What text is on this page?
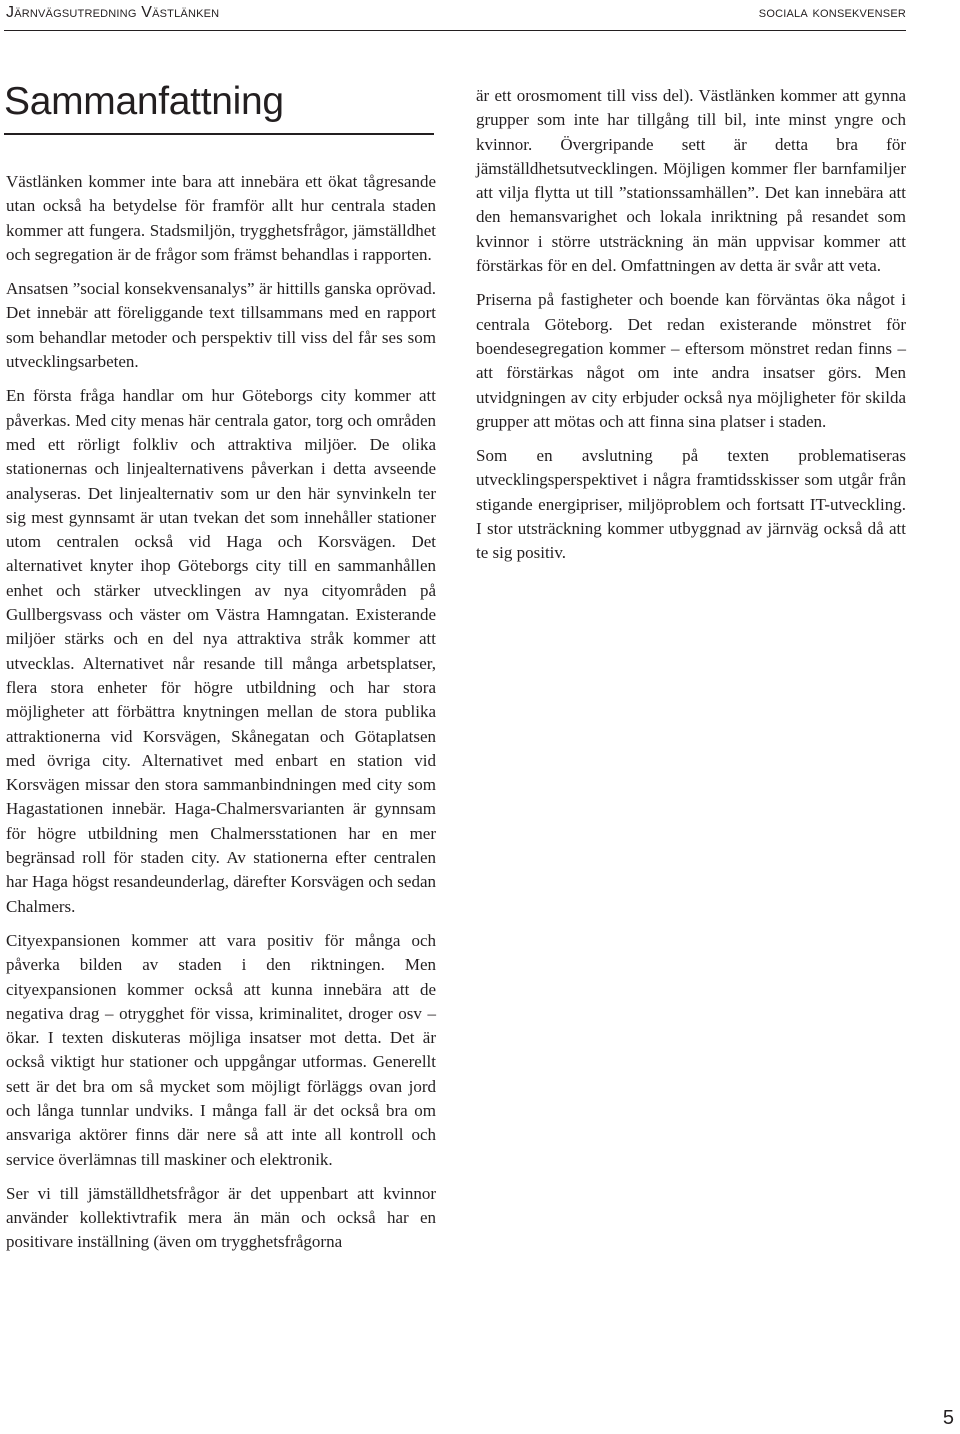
Järnvägsutredning Västlänken	sociala konsekvenser
Sammanfattning

Västlänken kommer inte bara att innebära ett ökat tågresande utan också ha betydelse för framför allt hur centrala staden kommer att fungera. Stadsmiljön, trygghetsfrågor, jämställdhet och segregation är de frågor som främst behandlas i rapporten.

Ansatsen ”social konsekvensanalys” är hittills ganska oprövad. Det innebär att föreliggande text tillsammans med en rapport som behandlar metoder och perspektiv till viss del får ses som utvecklingsarbeten.

En första fråga handlar om hur Göteborgs city kommer att påverkas. Med city menas här centrala gator, torg och områden med ett rörligt folkliv och attraktiva miljöer. De olika stationernas och linjealternativens påverkan i detta avseende analyseras. Det linjealternativ som ur den här synvinkeln ter sig mest gynnsamt är utan tvekan det som innehåller stationer utom centralen också vid Haga och Korsvägen. Det alternativet knyter ihop Göteborgs city till en sammanhållen enhet och stärker utvecklingen av nya cityområden på Gullbergsvass och väster om Västra Hamngatan. Existerande miljöer stärks och en del nya attraktiva stråk kommer att utvecklas. Alternativet når resande till många arbetsplatser, flera stora enheter för högre utbildning och har stora möjligheter att förbättra knytningen mellan de stora publika attraktionerna vid Korsvägen, Skånegatan och Götaplatsen med övriga city. Alternativet med enbart en station vid Korsvägen missar den stora sammanbindningen med city som Hagastationen innebär. Haga-Chalmersvarianten är gynnsam för högre utbildning men Chalmersstationen har en mer begränsad roll för staden city. Av stationerna efter centralen har Haga högst resandeunderlag, därefter Korsvägen och sedan Chalmers.

Cityexpansionen kommer att vara positiv för många och påverka bilden av staden i den riktningen. Men cityexpansionen kommer också att kunna innebära att de negativa drag – otrygghet för vissa, kriminalitet, droger osv – ökar. I texten diskuteras möjliga insatser mot detta. Det är också viktigt hur stationer och uppgångar utformas. Generellt sett är det bra om så mycket som möjligt förläggs ovan jord och långa tunnlar undviks. I många fall är det också bra om ansvariga aktörer finns där nere så att inte all kontroll och service överlämnas till maskiner och elektronik.

Ser vi till jämställdhetsfrågor är det uppenbart att kvinnor använder kollektivtrafik mera än män och också har en positivare inställning (även om trygghetsfrågorna

är ett orosmoment till viss del). Västlänken kommer att gynna grupper som inte har tillgång till bil, inte minst yngre och kvinnor. Övergripande sett är detta bra för jämställdhetsutvecklingen. Möjligen kommer fler barnfamiljer att vilja flytta ut till ”stationssamhällen”. Det kan innebära att den hemansvarighet och lokala inriktning på resandet som kvinnor i större utsträckning än män uppvisar kommer att förstärkas för en del. Omfattningen av detta är svår att veta.

Priserna på fastigheter och boende kan förväntas öka något i centrala Göteborg. Det redan existerande mönstret för boendesegregation kommer – eftersom mönstret redan finns – att förstärkas något om inte andra insatser görs. Men utvidgningen av city erbjuder också nya möjligheter för skilda grupper att mötas och att finna sina platser i staden.

Som en avslutning på texten problematiseras utvecklingsperspektivet i några framtidsskisser som utgår från stigande energipriser, miljöproblem och fortsatt IT-utveckling. I stor utsträckning kommer utbyggnad av järnväg också då att te sig positiv.

5
